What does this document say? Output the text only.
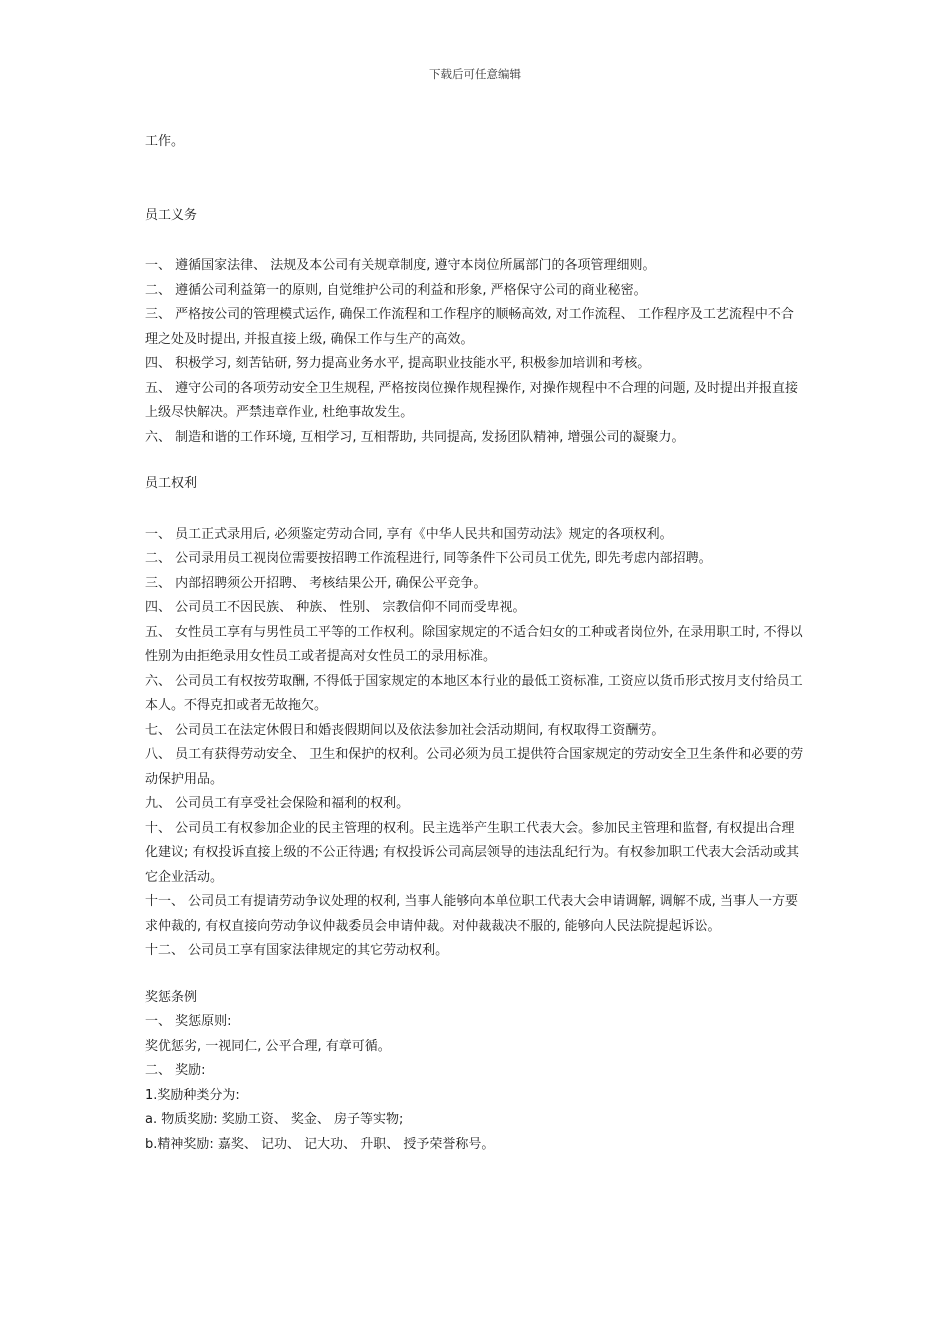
下载后可任意编辑

工作。

员工义务

一、 遵循国家法律、 法规及本公司有关规章制度, 遵守本岗位所属部门的各项管理细则。

二、 遵循公司利益第一的原则, 自觉维护公司的利益和形象, 严格保守公司的商业秘密。

三、 严格按公司的管理模式运作, 确保工作流程和工作程序的顺畅高效, 对工作流程、 工作程序及工艺流程中不合理之处及时提出, 并报直接上级, 确保工作与生产的高效。

四、 积极学习, 刻苦钻研, 努力提高业务水平, 提高职业技能水平, 积极参加培训和考核。

五、 遵守公司的各项劳动安全卫生规程, 严格按岗位操作规程操作, 对操作规程中不合理的问题, 及时提出并报直接上级尽快解决。严禁违章作业, 杜绝事故发生。

六、 制造和谐的工作环境, 互相学习, 互相帮助, 共同提高, 发扬团队精神, 增强公司的凝聚力。

员工权利

一、 员工正式录用后, 必须鉴定劳动合同, 享有《中华人民共和国劳动法》规定的各项权利。

二、 公司录用员工视岗位需要按招聘工作流程进行, 同等条件下公司员工优先, 即先考虑内部招聘。

三、 内部招聘须公开招聘、 考核结果公开, 确保公平竞争。

四、 公司员工不因民族、 种族、 性别、 宗教信仰不同而受卑视。

五、 女性员工享有与男性员工平等的工作权利。除国家规定的不适合妇女的工种或者岗位外, 在录用职工时, 不得以性别为由拒绝录用女性员工或者提高对女性员工的录用标准。

六、 公司员工有权按劳取酬, 不得低于国家规定的本地区本行业的最低工资标准, 工资应以货币形式按月支付给员工本人。不得克扣或者无故拖欠。

七、 公司员工在法定休假日和婚丧假期间以及依法参加社会活动期间, 有权取得工资酬劳。

八、 员工有获得劳动安全、 卫生和保护的权利。公司必须为员工提供符合国家规定的劳动安全卫生条件和必要的劳动保护用品。

九、 公司员工有享受社会保险和福利的权利。

十、 公司员工有权参加企业的民主管理的权利。民主选举产生职工代表大会。参加民主管理和监督, 有权提出合理化建议; 有权投诉直接上级的不公正待遇; 有权投诉公司高层领导的违法乱纪行为。有权参加职工代表大会活动或其它企业活动。

十一、 公司员工有提请劳动争议处理的权利, 当事人能够向本单位职工代表大会申请调解, 调解不成, 当事人一方要求仲裁的, 有权直接向劳动争议仲裁委员会申请仲裁。对仲裁裁决不服的, 能够向人民法院提起诉讼。

十二、 公司员工享有国家法律规定的其它劳动权利。

奖惩条例

一、 奖惩原则:

奖优惩劣, 一视同仁, 公平合理, 有章可循。

二、 奖励:

1.奖励种类分为:

a. 物质奖励: 奖励工资、 奖金、 房子等实物;

b.精神奖励: 嘉奖、 记功、 记大功、 升职、 授予荣誉称号。
